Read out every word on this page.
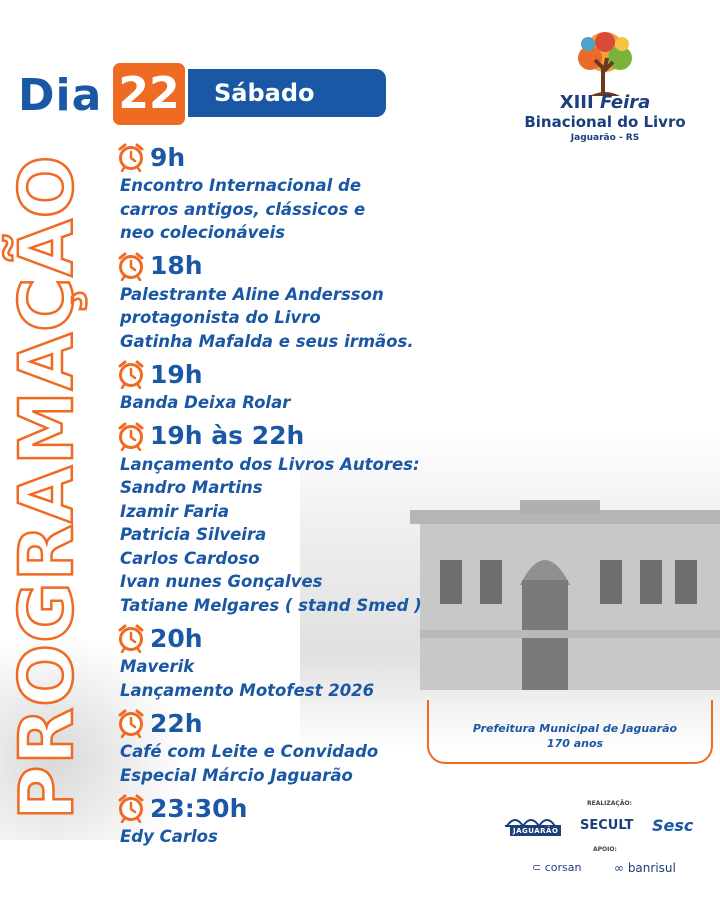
Dia	Sábado
22
PROGRAMAÇÃO
XIII Feira
Binacional do Livro
Jaguarão - RS
9h
Encontro Internacional de
carros antigos, clássicos e
neo colecionáveis
18h
Palestrante Aline Andersson
protagonista do Livro
Gatinha Mafalda e seus irmãos.
19h
Banda Deixa Rolar
19h às 22h
Lançamento dos Livros Autores:
Sandro Martins
Izamir Faria
Patricia Silveira
Carlos Cardoso
Ivan nunes Gonçalves
Tatiane Melgares ( stand Smed )
20h
Maverik
Lançamento Motofest 2026
22h
Café com Leite e Convidado
Especial Márcio Jaguarão
23:30h
Edy Carlos
Prefeitura Municipal de Jaguarão
170 anos
REALIZAÇÃO:
JAGUARÃO SECULT Sesc
APOIO:
⊂ corsan	∞ banrisul
